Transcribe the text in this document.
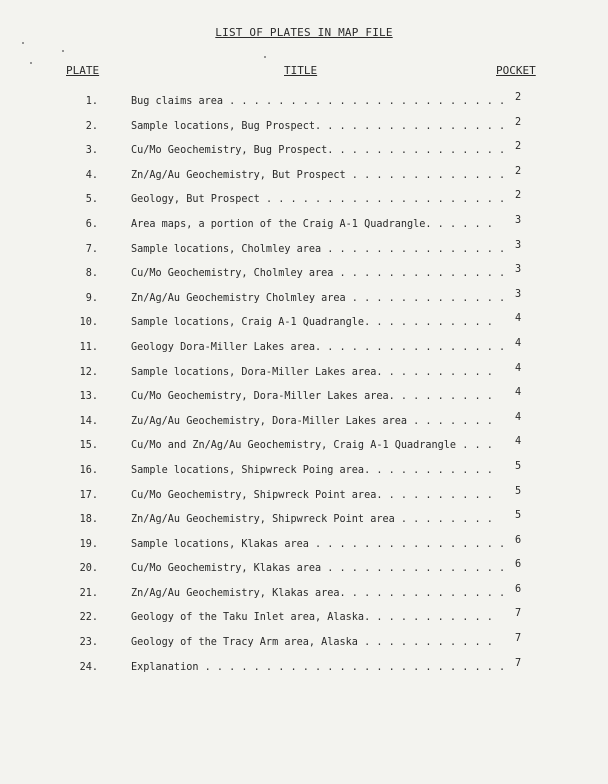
LIST OF PLATES IN MAP FILE
PLATE	TITLE	POCKET
1.	Bug claims area . . . . . . . . . . . . . . . . . . . . . . . 2
2.	Sample locations, Bug Prospect. . . . . . . . . . . . . . . . 2
3.	Cu/Mo Geochemistry, Bug Prospect. . . . . . . . . . . . . . . 2
4.	Zn/Ag/Au Geochemistry, But Prospect . . . . . . . . . . . . . 2
5.	Geology, But Prospect . . . . . . . . . . . . . . . . . . . . 2
6.	Area maps, a portion of the Craig A-1 Quadrangle. . . . . . 3
7.	Sample locations, Cholmley area . . . . . . . . . . . . . . . 3
8.	Cu/Mo Geochemistry, Cholmley area . . . . . . . . . . . . . . 3
9.	Zn/Ag/Au Geochemistry Cholmley area . . . . . . . . . . . . . 3
10.	Sample locations, Craig A-1 Quadrangle. . . . . . . . . . . 4
11.	Geology Dora-Miller Lakes area. . . . . . . . . . . . . . . . 4
12.	Sample locations, Dora-Miller Lakes area. . . . . . . . . . 4
13.	Cu/Mo Geochemistry, Dora-Miller Lakes area. . . . . . . . . 4
14.	Zu/Ag/Au Geochemistry, Dora-Miller Lakes area . . . . . . . 4
15.	Cu/Mo and Zn/Ag/Au Geochemistry, Craig A-1 Quadrangle . . . 4
16.	Sample locations, Shipwreck Poing area. . . . . . . . . . . 5
17.	Cu/Mo Geochemistry, Shipwreck Point area. . . . . . . . . . 5
18.	Zn/Ag/Au Geochemistry, Shipwreck Point area . . . . . . . . 5
19.	Sample locations, Klakas area . . . . . . . . . . . . . . . . 6
20.	Cu/Mo Geochemistry, Klakas area . . . . . . . . . . . . . . . 6
21.	Zn/Ag/Au Geochemistry, Klakas area. . . . . . . . . . . . . . 6
22.	Geology of the Taku Inlet area, Alaska. . . . . . . . . . . 7
23.	Geology of the Tracy Arm area, Alaska . . . . . . . . . . . 7
24.	Explanation . . . . . . . . . . . . . . . . . . . . . . . . . 7
